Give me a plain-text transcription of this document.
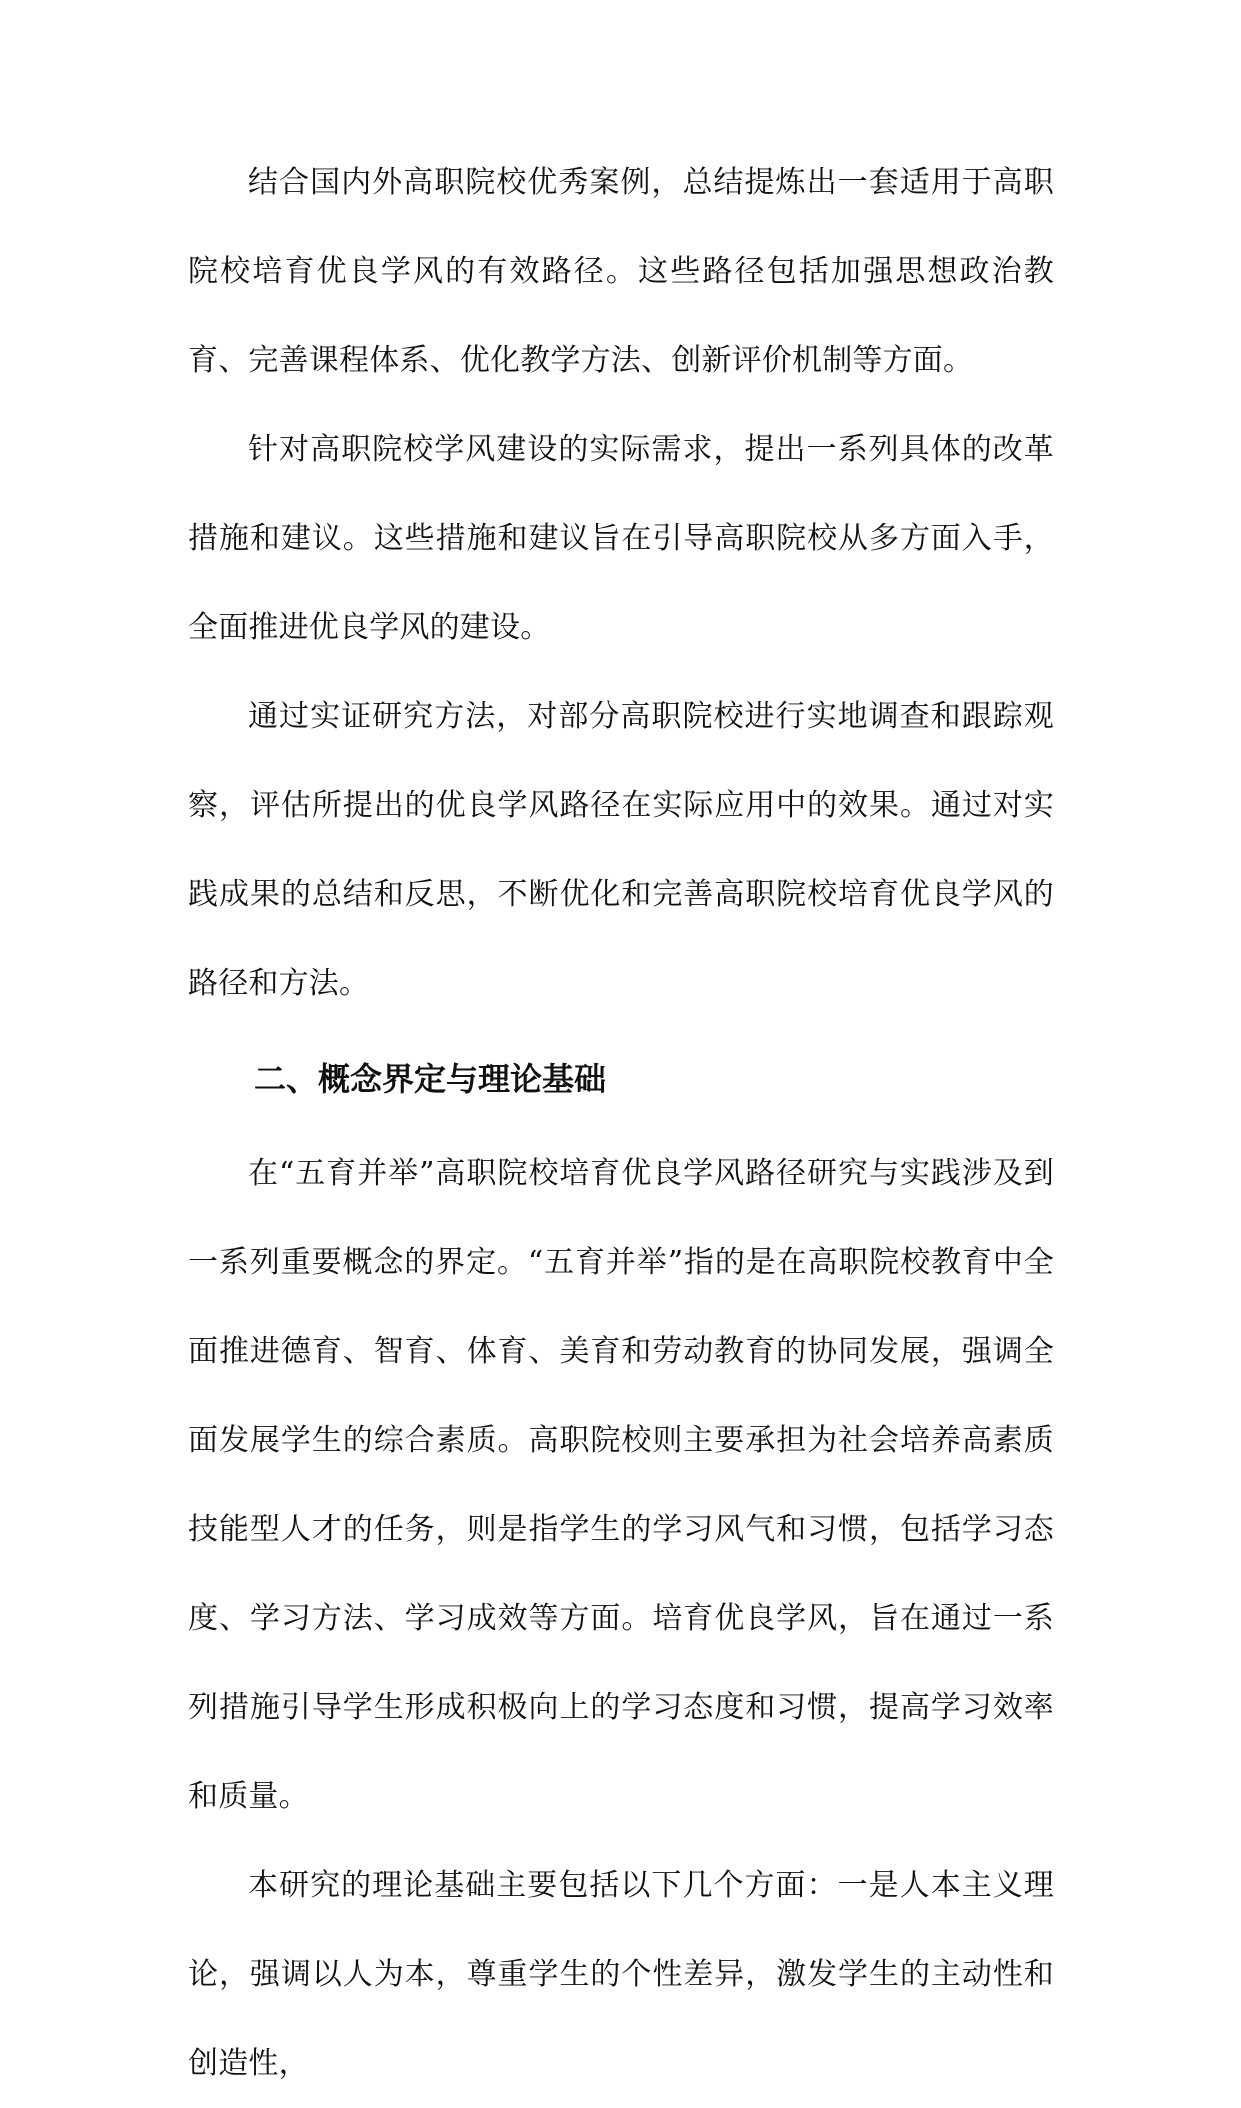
结合国内外高职院校优秀案例，总结提炼出一套适用于高职院校培育优良学风的有效路径。这些路径包括加强思想政治教育、完善课程体系、优化教学方法、创新评价机制等方面。

针对高职院校学风建设的实际需求，提出一系列具体的改革措施和建议。这些措施和建议旨在引导高职院校从多方面入手，全面推进优良学风的建设。

通过实证研究方法，对部分高职院校进行实地调查和跟踪观察，评估所提出的优良学风路径在实际应用中的效果。通过对实践成果的总结和反思，不断优化和完善高职院校培育优良学风的路径和方法。

二、概念界定与理论基础

在“五育并举”高职院校培育优良学风路径研究与实践涉及到一系列重要概念的界定。“五育并举”指的是在高职院校教育中全面推进德育、智育、体育、美育和劳动教育的协同发展，强调全面发展学生的综合素质。高职院校则主要承担为社会培养高素质技能型人才的任务，则是指学生的学习风气和习惯，包括学习态度、学习方法、学习成效等方面。培育优良学风，旨在通过一系列措施引导学生形成积极向上的学习态度和习惯，提高学习效率和质量。

本研究的理论基础主要包括以下几个方面：一是人本主义理论，强调以人为本，尊重学生的个性差异，激发学生的主动性和创造性，
